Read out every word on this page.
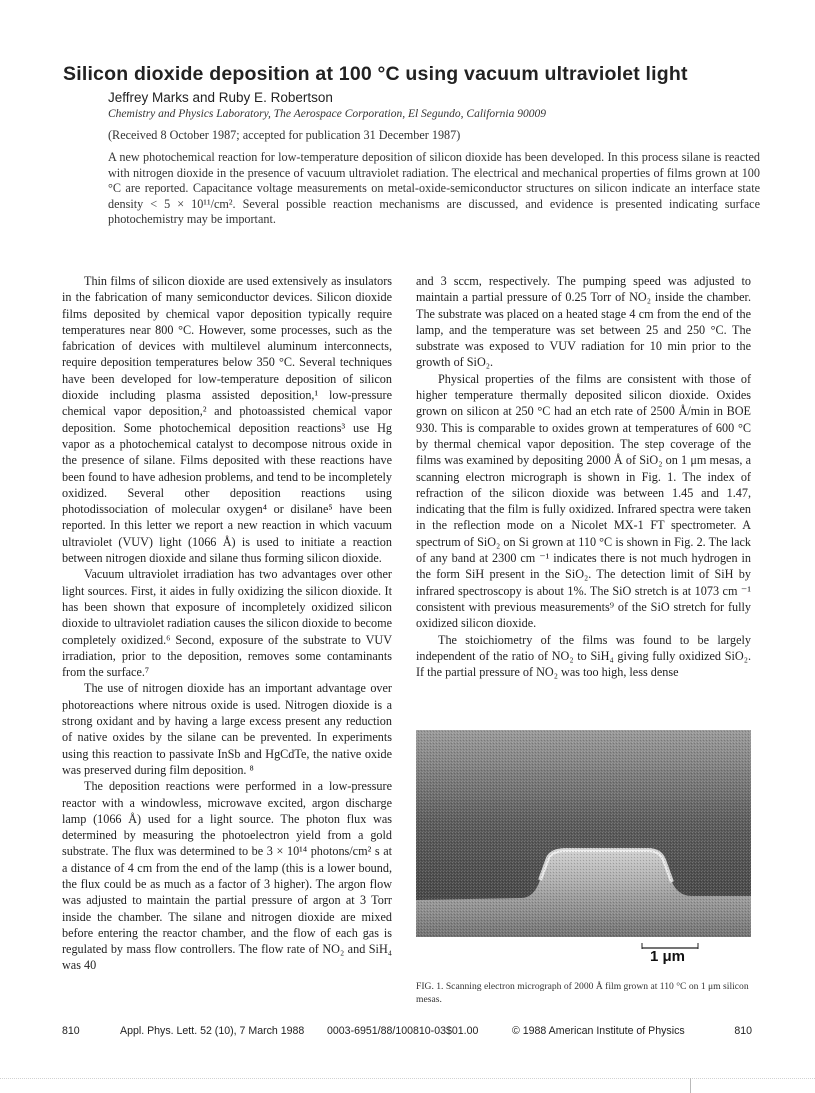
Silicon dioxide deposition at 100 °C using vacuum ultraviolet light
Jeffrey Marks and Ruby E. Robertson
Chemistry and Physics Laboratory, The Aerospace Corporation, El Segundo, California 90009
(Received 8 October 1987; accepted for publication 31 December 1987)
A new photochemical reaction for low-temperature deposition of silicon dioxide has been developed. In this process silane is reacted with nitrogen dioxide in the presence of vacuum ultraviolet radiation. The electrical and mechanical properties of films grown at 100 °C are reported. Capacitance voltage measurements on metal-oxide-semiconductor structures on silicon indicate an interface state density < 5 × 10¹¹/cm². Several possible reaction mechanisms are discussed, and evidence is presented indicating surface photochemistry may be important.

Thin films of silicon dioxide are used extensively as insulators in the fabrication of many semiconductor devices. Silicon dioxide films deposited by chemical vapor deposition typically require temperatures near 800 °C. However, some processes, such as the fabrication of devices with multilevel aluminum interconnects, require deposition temperatures below 350 °C. Several techniques have been developed for low-temperature deposition of silicon dioxide including plasma assisted deposition,¹ low-pressure chemical vapor deposition,² and photoassisted chemical vapor deposition. Some photochemical deposition reactions³ use Hg vapor as a photochemical catalyst to decompose nitrous oxide in the presence of silane. Films deposited with these reactions have been found to have adhesion problems, and tend to be incompletely oxidized. Several other deposition reactions using photodissociation of molecular oxygen⁴ or disilane⁵ have been reported. In this letter we report a new reaction in which vacuum ultraviolet (VUV) light (1066 Å) is used to initiate a reaction between nitrogen dioxide and silane thus forming silicon dioxide.

Vacuum ultraviolet irradiation has two advantages over other light sources. First, it aides in fully oxidizing the silicon dioxide. It has been shown that exposure of incompletely oxidized silicon dioxide to ultraviolet radiation causes the silicon dioxide to become completely oxidized.⁶ Second, exposure of the substrate to VUV irradiation, prior to the deposition, removes some contaminants from the surface.⁷

The use of nitrogen dioxide has an important advantage over photoreactions where nitrous oxide is used. Nitrogen dioxide is a strong oxidant and by having a large excess present any reduction of native oxides by the silane can be prevented. In experiments using this reaction to passivate InSb and HgCdTe, the native oxide was preserved during film deposition. ⁸

The deposition reactions were performed in a low-pressure reactor with a windowless, microwave excited, argon discharge lamp (1066 Å) used for a light source. The photon flux was determined by measuring the photoelectron yield from a gold substrate. The flux was determined to be 3 × 10¹⁴ photons/cm² s at a distance of 4 cm from the end of the lamp (this is a lower bound, the flux could be as much as a factor of 3 higher). The argon flow was adjusted to maintain the partial pressure of argon at 3 Torr inside the chamber. The silane and nitrogen dioxide are mixed before entering the reactor chamber, and the flow of each gas is regulated by mass flow controllers. The flow rate of NO₂ and SiH₄ was 40

and 3 sccm, respectively. The pumping speed was adjusted to maintain a partial pressure of 0.25 Torr of NO₂ inside the chamber. The substrate was placed on a heated stage 4 cm from the end of the lamp, and the temperature was set between 25 and 250 °C. The substrate was exposed to VUV radiation for 10 min prior to the growth of SiO₂.

Physical properties of the films are consistent with those of higher temperature thermally deposited silicon dioxide. Oxides grown on silicon at 250 °C had an etch rate of 2500 Å/min in BOE 930. This is comparable to oxides grown at temperatures of 600 °C by thermal chemical vapor deposition. The step coverage of the films was examined by depositing 2000 Å of SiO₂ on 1 μm mesas, a scanning electron micrograph is shown in Fig. 1. The index of refraction of the silicon dioxide was between 1.45 and 1.47, indicating that the film is fully oxidized. Infrared spectra were taken in the reflection mode on a Nicolet MX-1 FT spectrometer. A spectrum of SiO₂ on Si grown at 110 °C is shown in Fig. 2. The lack of any band at 2300 cm ⁻¹ indicates there is not much hydrogen in the form SiH present in the SiO₂. The detection limit of SiH by infrared spectroscopy is about 1%. The SiO stretch is at 1073 cm ⁻¹ consistent with previous measurements⁹ of the SiO stretch for fully oxidized silicon dioxide.

The stoichiometry of the films was found to be largely independent of the ratio of NO₂ to SiH₄ giving fully oxidized SiO₂. If the partial pressure of NO₂ was too high, less dense

1 μm
FIG. 1. Scanning electron micrograph of 2000 Å film grown at 110 °C on 1 μm silicon mesas.
810	Appl. Phys. Lett. 52 (10), 7 March 1988 0003-6951/88/100810-03$01.00	© 1988 American Institute of Physics	810
